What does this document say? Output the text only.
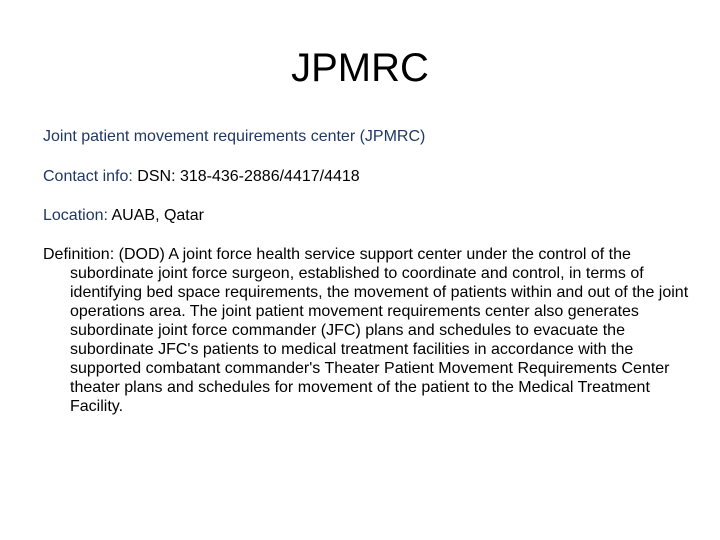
JPMRC
Joint patient movement requirements center (JPMRC)
Contact info: DSN: 318-436-2886/4417/4418
Location: AUAB, Qatar

Definition: (DOD) A joint force health service support center under the control of the subordinate joint force surgeon, established to coordinate and control, in terms of identifying bed space requirements, the movement of patients within and out of the joint operations area. The joint patient movement requirements center also generates subordinate joint force commander (JFC) plans and schedules to evacuate the subordinate JFC's patients to medical treatment facilities in accordance with the supported combatant commander's Theater Patient Movement Requirements Center theater plans and schedules for movement of the patient to the Medical Treatment Facility.
